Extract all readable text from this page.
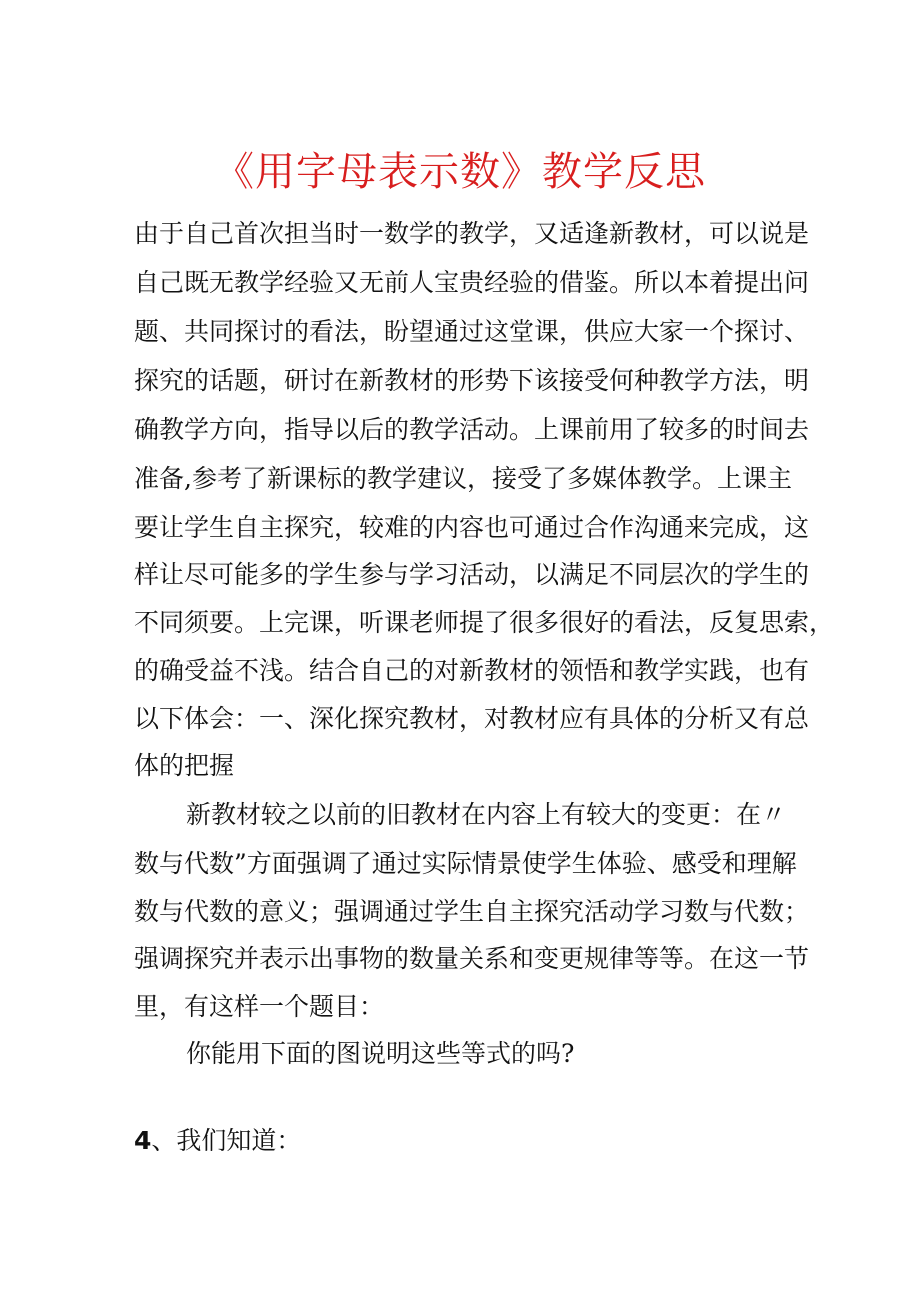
《用字母表示数》教学反思
由于自己首次担当时一数学的教学，又适逢新教材，可以说是
自己既无教学经验又无前人宝贵经验的借鉴。所以本着提出问
题、共同探讨的看法，盼望通过这堂课，供应大家一个探讨、
探究的话题，研讨在新教材的形势下该接受何种教学方法，明
确教学方向，指导以后的教学活动。上课前用了较多的时间去
准备,参考了新课标的教学建议，接受了多媒体教学。上课主
要让学生自主探究，较难的内容也可通过合作沟通来完成，这
样让尽可能多的学生参与学习活动，以满足不同层次的学生的
不同须要。上完课，听课老师提了很多很好的看法，反复思索，
的确受益不浅。结合自己的对新教材的领悟和教学实践，也有
以下体会：一、深化探究教材，对教材应有具体的分析又有总
体的把握
新教材较之以前的旧教材在内容上有较大的变更：在〃
数与代数”方面强调了通过实际情景使学生体验、感受和理解
数与代数的意义；强调通过学生自主探究活动学习数与代数；
强调探究并表示出事物的数量关系和变更规律等等。在这一节
里，有这样一个题目：
你能用下面的图说明这些等式的吗?
4、我们知道：
